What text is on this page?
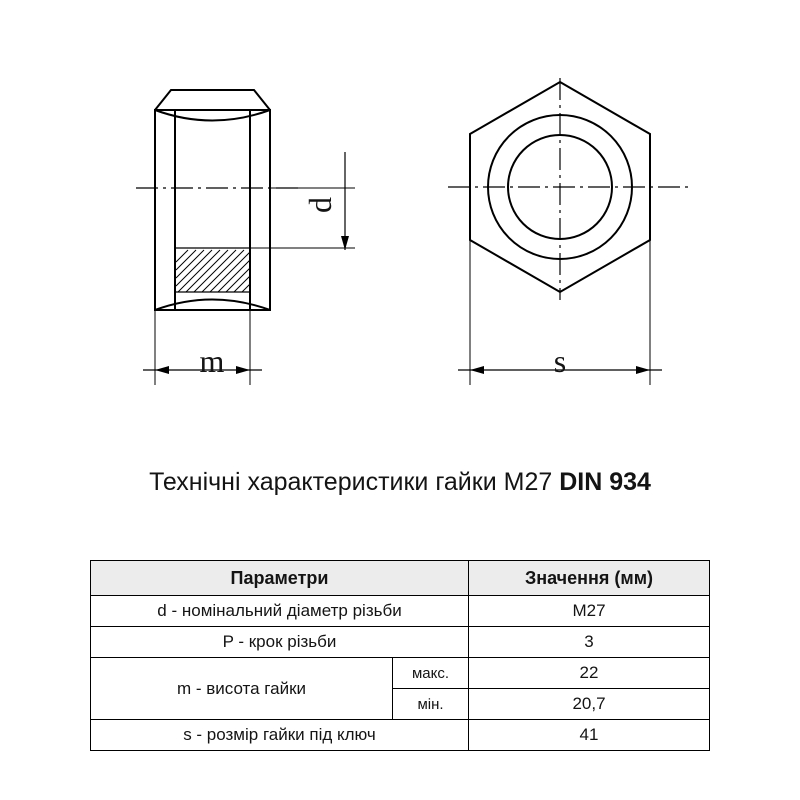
d
m	s
Технічні характеристики гайки M27 DIN 934
Параметри		Значення (мм)
d - номінальний діаметр різьби		M27
P - крок різьби		3
m - висота гайки	макс.	22
	мін.	20,7
s - розмір гайки під ключ		41
